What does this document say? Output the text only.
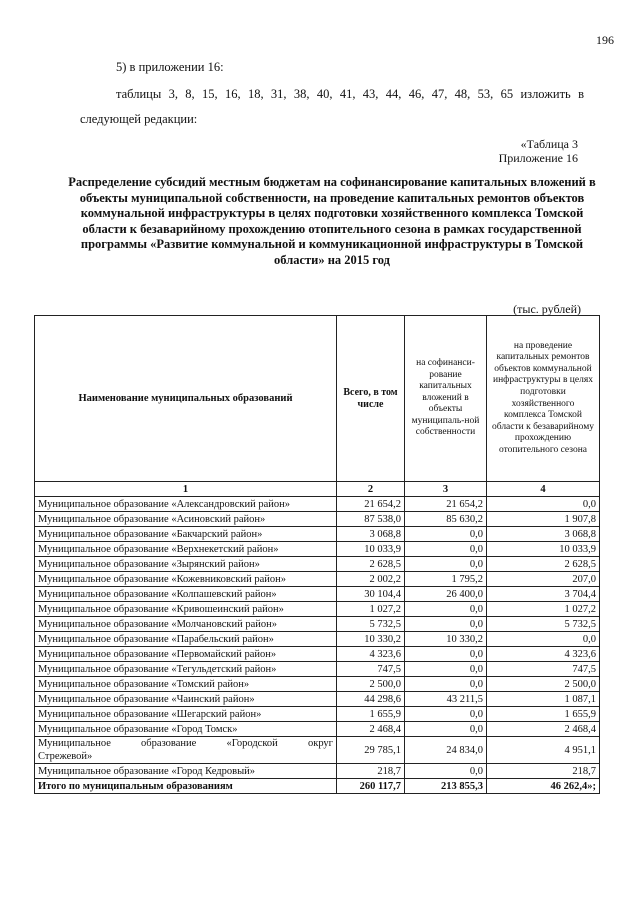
196
5) в приложении 16:
таблицы 3, 8, 15, 16, 18, 31, 38, 40, 41, 43, 44, 46, 47, 48, 53, 65 изложить в
следующей редакции:
«Таблица 3
Приложение 16
Распределение субсидий местным бюджетам на софинансирование капитальных вложений в объекты муниципальной собственности, на проведение капитальных ремонтов объектов коммунальной инфраструктуры в целях подготовки хозяйственного комплекса Томской области к безаварийному прохождению отопительного сезона в рамках государственной программы «Развитие коммунальной и коммуникационной инфраструктуры в Томской области» на 2015 год
(тыс. рублей)
Наименование муниципальных образований	Всего, в том числе	на софинанси-рование капитальных вложений в объекты муниципаль-ной собственности	на проведение капитальных ремонтов объектов коммунальной инфраструктуры в целях подготовки хозяйственного комплекса Томской области к безаварийному прохождению отопительного сезона
1	2	3	4
Муниципальное образование «Александровский район»	21 654,2	21 654,2	0,0
Муниципальное образование «Асиновский район»	87 538,0	85 630,2	1 907,8
Муниципальное образование «Бакчарский район»	3 068,8	0,0	3 068,8
Муниципальное образование «Верхнекетский район»	10 033,9	0,0	10 033,9
Муниципальное образование «Зырянский район»	2 628,5	0,0	2 628,5
Муниципальное образование «Кожевниковский район»	2 002,2	1 795,2	207,0
Муниципальное образование «Колпашевский район»	30 104,4	26 400,0	3 704,4
Муниципальное образование «Кривошеинский район»	1 027,2	0,0	1 027,2
Муниципальное образование «Молчановский район»	5 732,5	0,0	5 732,5
Муниципальное образование «Парабельский район»	10 330,2	10 330,2	0,0
Муниципальное образование «Первомайский район»	4 323,6	0,0	4 323,6
Муниципальное образование «Тегульдетский район»	747,5	0,0	747,5
Муниципальное образование «Томский район»	2 500,0	0,0	2 500,0
Муниципальное образование «Чаинский район»	44 298,6	43 211,5	1 087,1
Муниципальное образование «Шегарский район»	1 655,9	0,0	1 655,9
Муниципальное образование «Город Томск»	2 468,4	0,0	2 468,4

Муниципальное образование «Городской округ
Стрежевой»	29 785,1	24 834,0	4 951,1
Муниципальное образование «Город Кедровый»	218,7	0,0	218,7
Итого по муниципальным образованиям	260 117,7	213 855,3	46 262,4»;
